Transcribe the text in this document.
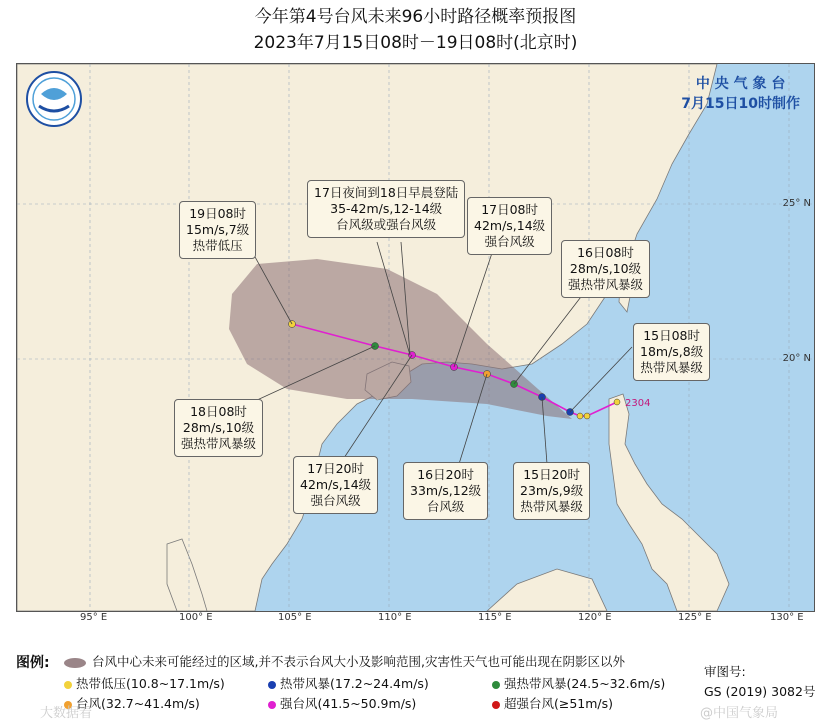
今年第4号台风未来96小时路径概率预报图
2023年7月15日08时－19日08时(北京时)
中 央 气 象 台
7月15日10时制作
2304
19日08时
15m/s,7级
热带低压
17日夜间到18日早晨登陆
35-42m/s,12-14级
台风级或强台风级
17日08时
42m/s,14级
强台风级
16日08时
28m/s,10级
强热带风暴级
15日08时
18m/s,8级
热带风暴级
18日08时
28m/s,10级
强热带风暴级
17日20时
42m/s,14级
强台风级
16日20时
33m/s,12级
台风级
15日20时
23m/s,9级
热带风暴级
25° N
20° N
95° E	100° E	105° E	110° E	115° E	120° E	125° E	130° E
图例:	台风中心未来可能经过的区域,并不表示台风大小及影响范围,灾害性天气也可能出现在阴影区以外
热带低压(10.8~17.1m/s)	热带风暴(17.2~24.4m/s)	强热带风暴(24.5~32.6m/s)
台风(32.7~41.4m/s)	强台风(41.5~50.9m/s)	超强台风(≥51m/s)
审图号:
GS (2019) 3082号
大数据看	@中国气象局
